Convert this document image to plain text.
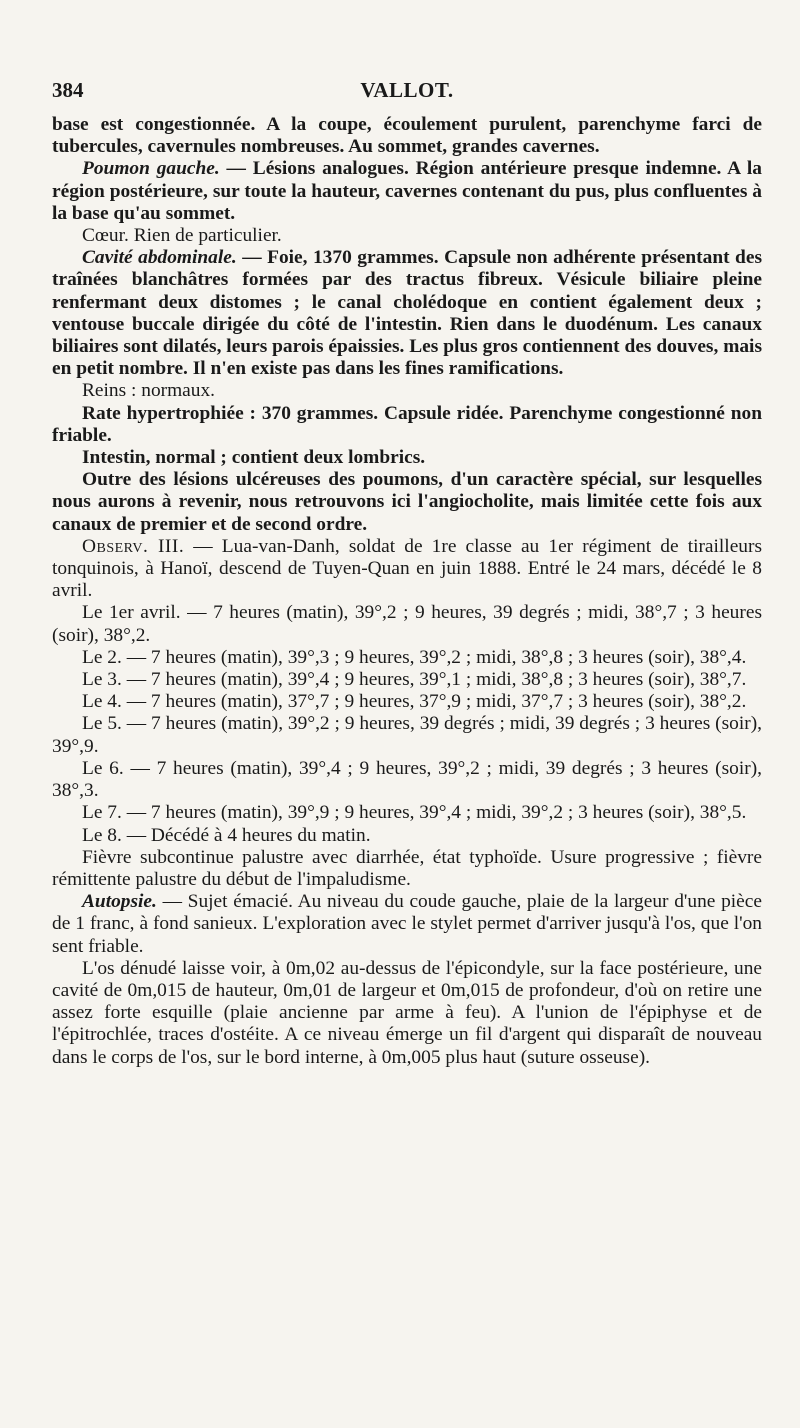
384	VALLOT.

base est congestionnée. A la coupe, écoulement purulent, parenchyme farci de tubercules, cavernules nombreuses. Au sommet, grandes cavernes.

Poumon gauche. — Lésions analogues. Région antérieure presque indemne. A la région postérieure, sur toute la hauteur, cavernes contenant du pus, plus confluentes à la base qu'au sommet.

Cœur. Rien de particulier.

Cavité abdominale. — Foie, 1370 grammes. Capsule non adhérente présentant des traînées blanchâtres formées par des tractus fibreux. Vésicule biliaire pleine renfermant deux distomes ; le canal cholédoque en contient également deux ; ventouse buccale dirigée du côté de l'intestin. Rien dans le duodénum. Les canaux biliaires sont dilatés, leurs parois épaissies. Les plus gros contiennent des douves, mais en petit nombre. Il n'en existe pas dans les fines ramifications.

Reins : normaux.

Rate hypertrophiée : 370 grammes. Capsule ridée. Parenchyme congestionné non friable.

Intestin, normal ; contient deux lombrics.

Outre des lésions ulcéreuses des poumons, d'un caractère spécial, sur lesquelles nous aurons à revenir, nous retrouvons ici l'angiocholite, mais limitée cette fois aux canaux de premier et de second ordre.

Observ. III. — Lua-van-Danh, soldat de 1re classe au 1er régiment de tirailleurs tonquinois, à Hanoï, descend de Tuyen-Quan en juin 1888. Entré le 24 mars, décédé le 8 avril.

Le 1er avril. — 7 heures (matin), 39°,2 ; 9 heures, 39 degrés ; midi, 38°,7 ; 3 heures (soir), 38°,2.

Le 2. — 7 heures (matin), 39°,3 ; 9 heures, 39°,2 ; midi, 38°,8 ; 3 heures (soir), 38°,4.

Le 3. — 7 heures (matin), 39°,4 ; 9 heures, 39°,1 ; midi, 38°,8 ; 3 heures (soir), 38°,7.

Le 4. — 7 heures (matin), 37°,7 ; 9 heures, 37°,9 ; midi, 37°,7 ; 3 heures (soir), 38°,2.

Le 5. — 7 heures (matin), 39°,2 ; 9 heures, 39 degrés ; midi, 39 degrés ; 3 heures (soir), 39°,9.

Le 6. — 7 heures (matin), 39°,4 ; 9 heures, 39°,2 ; midi, 39 degrés ; 3 heures (soir), 38°,3.

Le 7. — 7 heures (matin), 39°,9 ; 9 heures, 39°,4 ; midi, 39°,2 ; 3 heures (soir), 38°,5.

Le 8. — Décédé à 4 heures du matin.

Fièvre subcontinue palustre avec diarrhée, état typhoïde. Usure progressive ; fièvre rémittente palustre du début de l'impaludisme.

Autopsie. — Sujet émacié. Au niveau du coude gauche, plaie de la largeur d'une pièce de 1 franc, à fond sanieux. L'exploration avec le stylet permet d'arriver jusqu'à l'os, que l'on sent friable.

L'os dénudé laisse voir, à 0m,02 au-dessus de l'épicondyle, sur la face postérieure, une cavité de 0m,015 de hauteur, 0m,01 de largeur et 0m,015 de profondeur, d'où on retire une assez forte esquille (plaie ancienne par arme à feu). A l'union de l'épiphyse et de l'épitrochlée, traces d'ostéite. A ce niveau émerge un fil d'argent qui disparaît de nouveau dans le corps de l'os, sur le bord interne, à 0m,005 plus haut (suture osseuse).
